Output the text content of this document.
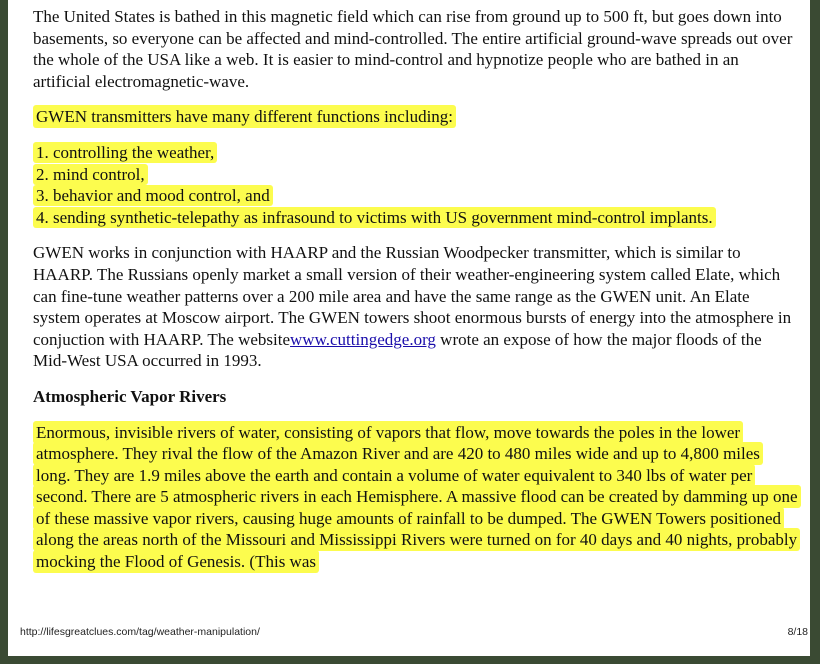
The United States is bathed in this magnetic field which can rise from ground up to 500 ft, but goes down into basements, so everyone can be affected and mind-controlled. The entire artificial ground-wave spreads out over the whole of the USA like a web. It is easier to mind-control and hypnotize people who are bathed in an artificial electromagnetic-wave.

GWEN transmitters have many different functions including:

1. controlling the weather,
2. mind control,
3. behavior and mood control, and
4. sending synthetic-telepathy as infrasound to victims with US government mind-control implants.

GWEN works in conjunction with HAARP and the Russian Woodpecker transmitter, which is similar to HAARP. The Russians openly market a small version of their weather-engineering system called Elate, which can fine-tune weather patterns over a 200 mile area and have the same range as the GWEN unit. An Elate system operates at Moscow airport. The GWEN towers shoot enormous bursts of energy into the atmosphere in conjuction with HAARP. The websitewww.cuttingedge.org wrote an expose of how the major floods of the Mid-West USA occurred in 1993.

Atmospheric Vapor Rivers

Enormous, invisible rivers of water, consisting of vapors that flow, move towards the poles in the lower atmosphere. They rival the flow of the Amazon River and are 420 to 480 miles wide and up to 4,800 miles long. They are 1.9 miles above the earth and contain a volume of water equivalent to 340 lbs of water per second. There are 5 atmospheric rivers in each Hemisphere. A massive flood can be created by damming up one of these massive vapor rivers, causing huge amounts of rainfall to be dumped. The GWEN Towers positioned along the areas north of the Missouri and Mississippi Rivers were turned on for 40 days and 40 nights, probably mocking the Flood of Genesis. (This was

http://lifesgreatclues.com/tag/weather-manipulation/	8/18
